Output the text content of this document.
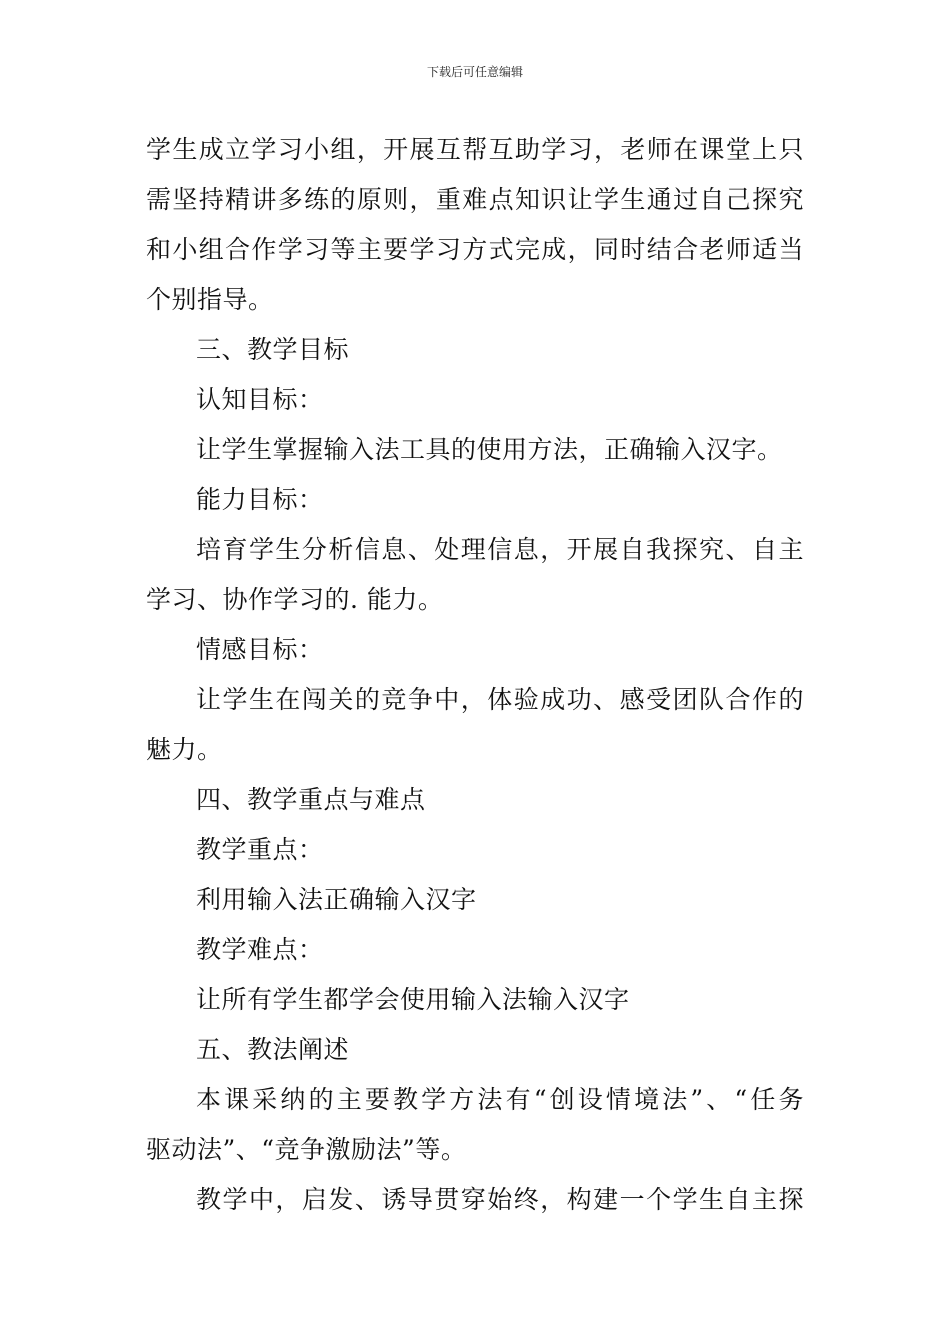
下载后可任意编辑
学生成立学习小组，开展互帮互助学习，老师在课堂上只
需坚持精讲多练的原则，重难点知识让学生通过自己探究
和小组合作学习等主要学习方式完成，同时结合老师适当
个别指导。
三、教学目标
认知目标：
让学生掌握输入法工具的使用方法，正确输入汉字。
能力目标：
培育学生分析信息、处理信息，开展自我探究、自主
学习、协作学习的. 能力。
情感目标：
让学生在闯关的竞争中，体验成功、感受团队合作的
魅力。
四、教学重点与难点
教学重点：
利用输入法正确输入汉字
教学难点：
让所有学生都学会使用输入法输入汉字
五、教法阐述
本课采纳的主要教学方法有“创设情境法”、“任务
驱动法”、“竞争激励法”等。
教学中，启发、诱导贯穿始终，构建一个学生自主探
